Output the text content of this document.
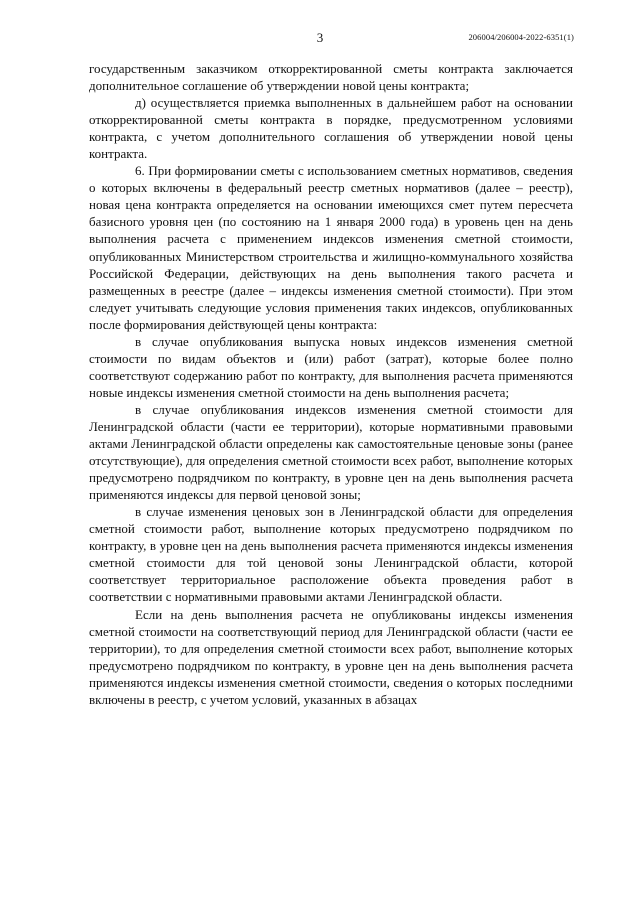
3	206004/206004-2022-6351(1)

государственным заказчиком откорректированной сметы контракта заключается дополнительное соглашение об утверждении новой цены контракта;

д) осуществляется приемка выполненных в дальнейшем работ на основании откорректированной сметы контракта в порядке, предусмотренном условиями контракта, с учетом дополнительного соглашения об утверждении новой цены контракта.

6. При формировании сметы с использованием сметных нормативов, сведения о которых включены в федеральный реестр сметных нормативов (далее – реестр), новая цена контракта определяется на основании имеющихся смет путем пересчета базисного уровня цен (по состоянию на 1 января 2000 года) в уровень цен на день выполнения расчета с применением индексов изменения сметной стоимости, опубликованных Министерством строительства и жилищно-коммунального хозяйства Российской Федерации, действующих на день выполнения такого расчета и размещенных в реестре (далее – индексы изменения сметной стоимости). При этом следует учитывать следующие условия применения таких индексов, опубликованных после формирования действующей цены контракта:

в случае опубликования выпуска новых индексов изменения сметной стоимости по видам объектов и (или) работ (затрат), которые более полно соответствуют содержанию работ по контракту, для выполнения расчета применяются новые индексы изменения сметной стоимости на день выполнения расчета;

в случае опубликования индексов изменения сметной стоимости для Ленинградской области (части ее территории), которые нормативными правовыми актами Ленинградской области определены как самостоятельные ценовые зоны (ранее отсутствующие), для определения сметной стоимости всех работ, выполнение которых предусмотрено подрядчиком по контракту, в уровне цен на день выполнения расчета применяются индексы для первой ценовой зоны;

в случае изменения ценовых зон в Ленинградской области для определения сметной стоимости работ, выполнение которых предусмотрено подрядчиком по контракту, в уровне цен на день выполнения расчета применяются индексы изменения сметной стоимости для той ценовой зоны Ленинградской области, которой соответствует территориальное расположение объекта проведения работ в соответствии с нормативными правовыми актами Ленинградской области.

Если на день выполнения расчета не опубликованы индексы изменения сметной стоимости на соответствующий период для Ленинградской области (части ее территории), то для определения сметной стоимости всех работ, выполнение которых предусмотрено подрядчиком по контракту, в уровне цен на день выполнения расчета применяются индексы изменения сметной стоимости, сведения о которых последними включены в реестр, с учетом условий, указанных в абзацах
